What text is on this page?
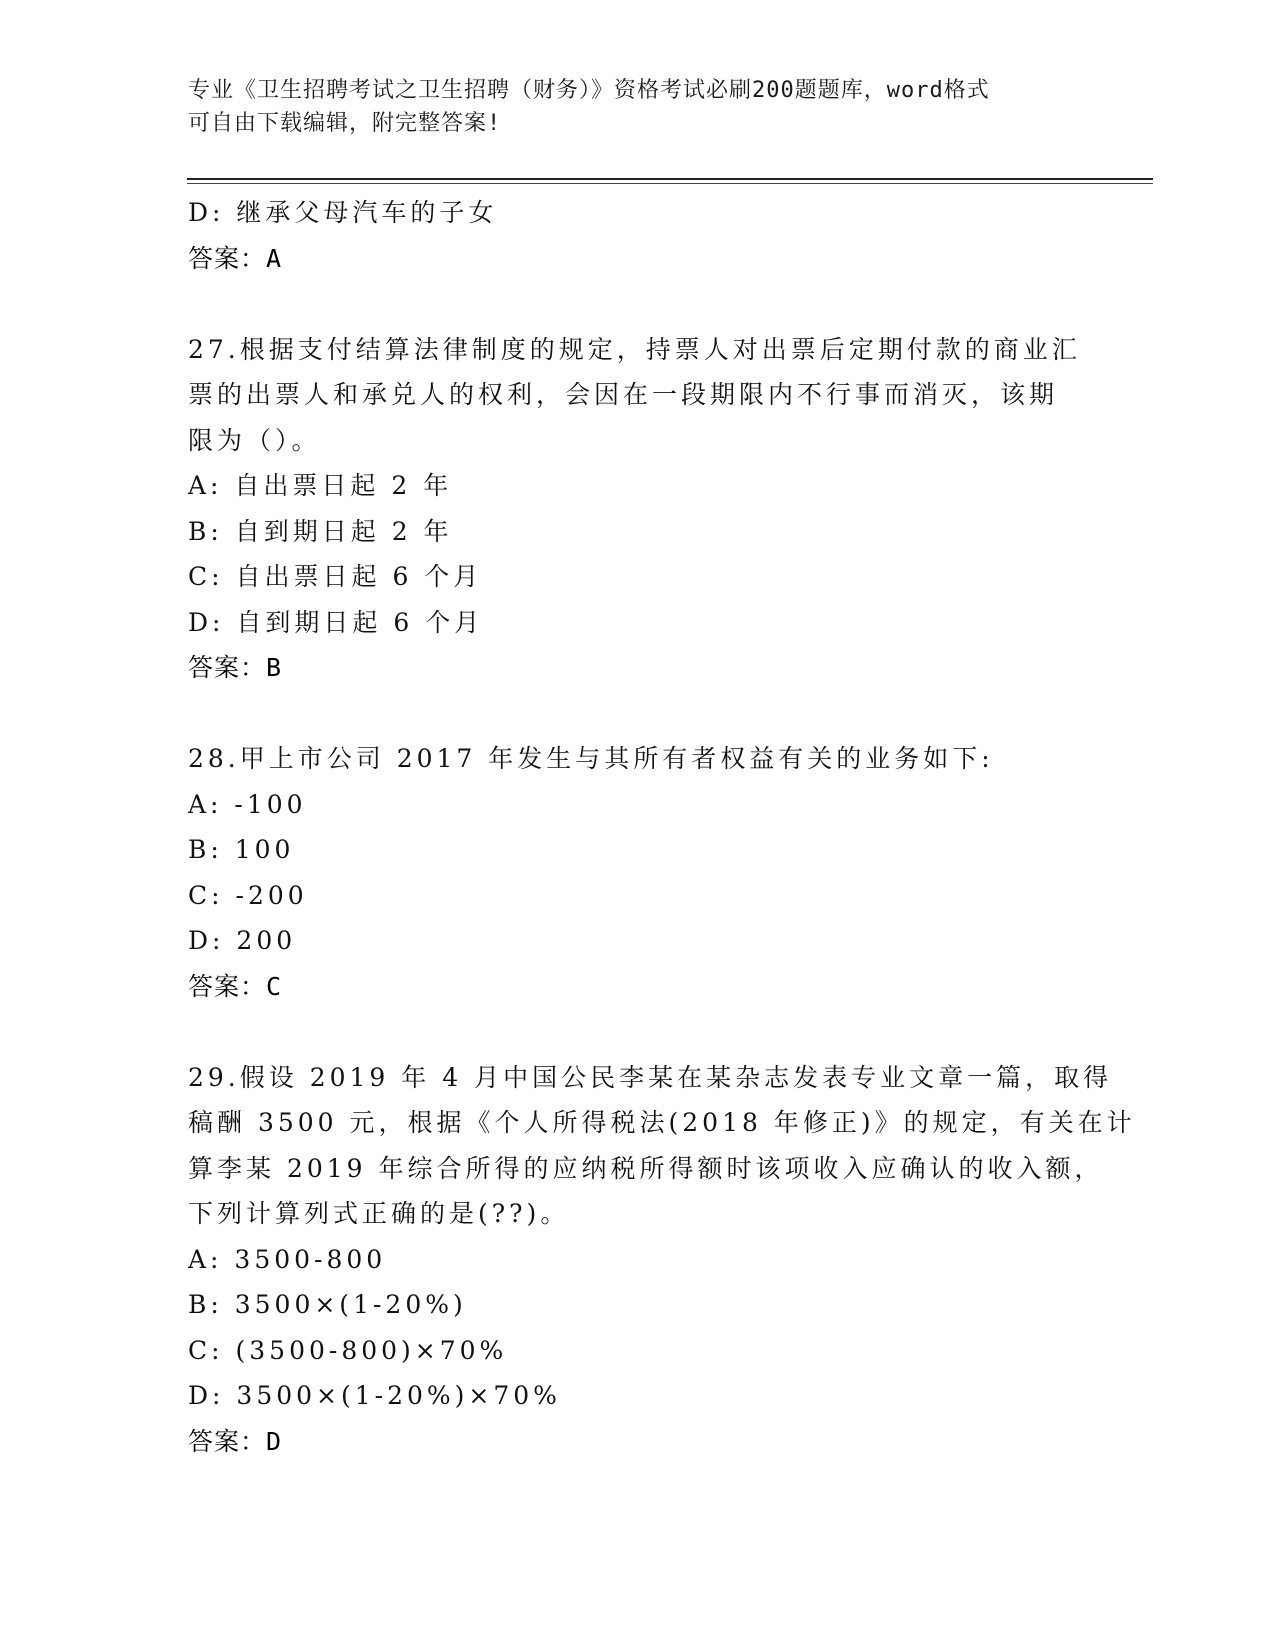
专业《卫生招聘考试之卫生招聘（财务）》资格考试必刷200题题库，word格式
可自由下载编辑，附完整答案!
D: 继承父母汽车的子女
答案：A
27.根据支付结算法律制度的规定，持票人对出票后定期付款的商业汇
票的出票人和承兑人的权利，会因在一段期限内不行事而消灭，该期
限为（）。
A: 自出票日起 2 年
B: 自到期日起 2 年
C: 自出票日起 6 个月
D: 自到期日起 6 个月
答案：B
28.甲上市公司 2017 年发生与其所有者权益有关的业务如下:
A: -100
B: 100
C: -200
D: 200
答案：C
29.假设 2019 年 4 月中国公民李某在某杂志发表专业文章一篇，取得
稿酬 3500 元，根据《个人所得税法(2018 年修正)》的规定，有关在计
算李某 2019 年综合所得的应纳税所得额时该项收入应确认的收入额，
下列计算列式正确的是(??)。
A: 3500-800
B: 3500×(1-20%)
C: (3500-800)×70%
D: 3500×(1-20%)×70%
答案：D
